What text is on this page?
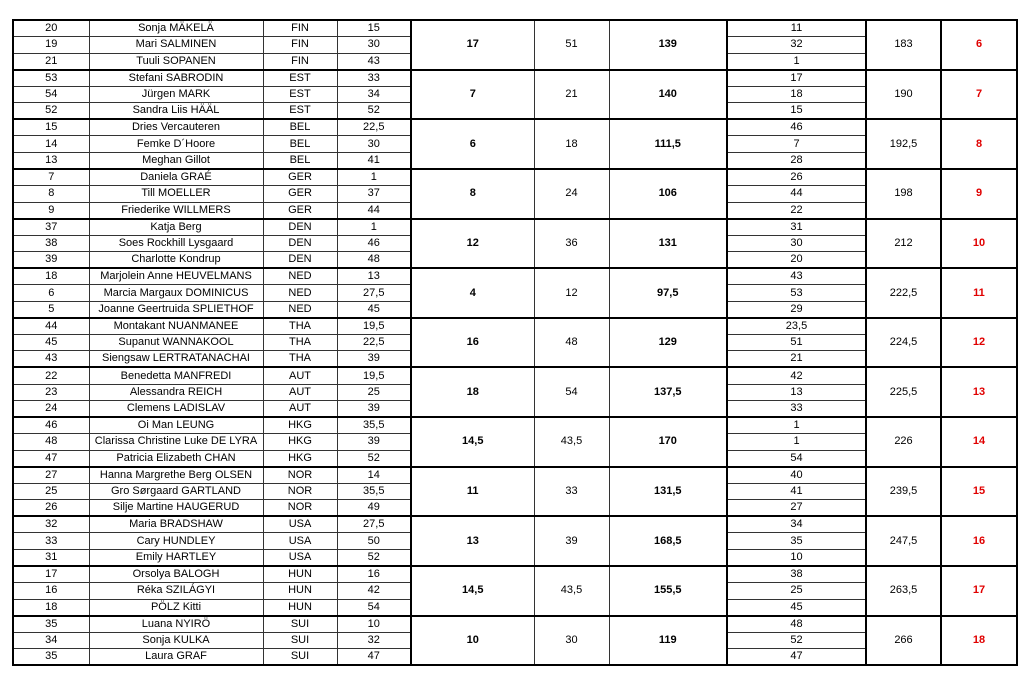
20	Sonja MÄKELÄ	FIN	15	17	51	139	11	183	6
19	Mari SALMINEN	FIN	30				32		
21	Tuuli SOPANEN	FIN	43				1		
53	Stefani SABRODIN	EST	33	7	21	140	17	190	7
54	Jürgen MARK	EST	34				18		
52	Sandra Liis HÄÄL	EST	52				15		
15	Dries Vercauteren	BEL	22,5	6	18	111,5	46	192,5	8
14	Femke D´Hoore	BEL	30				7		
13	Meghan Gillot	BEL	41				28		
7	Daniela GRAÉ	GER	1	8	24	106	26	198	9
8	Till MOELLER	GER	37				44		
9	Friederike WILLMERS	GER	44				22		
37	Katja Berg	DEN	1	12	36	131	31	212	10
38	Soes Rockhill Lysgaard	DEN	46				30		
39	Charlotte Kondrup	DEN	48				20		
18	Marjolein Anne HEUVELMANS	NED	13	4	12	97,5	43	222,5	11
6	Marcia Margaux DOMINICUS	NED	27,5				53		
5	Joanne Geertruida SPLIETHOF	NED	45				29		
44	Montakant NUANMANEE	THA	19,5	16	48	129	23,5	224,5	12
45	Supanut WANNAKOOL	THA	22,5				51		
43	Siengsaw LERTRATANACHAI	THA	39				21		
22	Benedetta MANFREDI	AUT	19,5	18	54	137,5	42	225,5	13
23	Alessandra REICH	AUT	25				13		
24	Clemens LADISLAV	AUT	39				33		
46	Oi Man LEUNG	HKG	35,5	14,5	43,5	170	1	226	14
48	Clarissa Christine Luke DE LYRA	HKG	39				1		
47	Patricia Elizabeth CHAN	HKG	52				54		
27	Hanna Margrethe Berg OLSEN	NOR	14	11	33	131,5	40	239,5	15
25	Gro Sørgaard GARTLAND	NOR	35,5				41		
26	Silje Martine HAUGERUD	NOR	49				27		
32	Maria BRADSHAW	USA	27,5	13	39	168,5	34	247,5	16
33	Cary HUNDLEY	USA	50				35		
31	Emily HARTLEY	USA	52				10		
17	Orsolya BALOGH	HUN	16	14,5	43,5	155,5	38	263,5	17
16	Réka SZILÁGYI	HUN	42				25		
18	PÖLZ Kitti	HUN	54				45		
35	Luana NYIRÖ	SUI	10	10	30	119	48	266	18
34	Sonja KULKA	SUI	32				52		
35	Laura GRAF	SUI	47				47		
